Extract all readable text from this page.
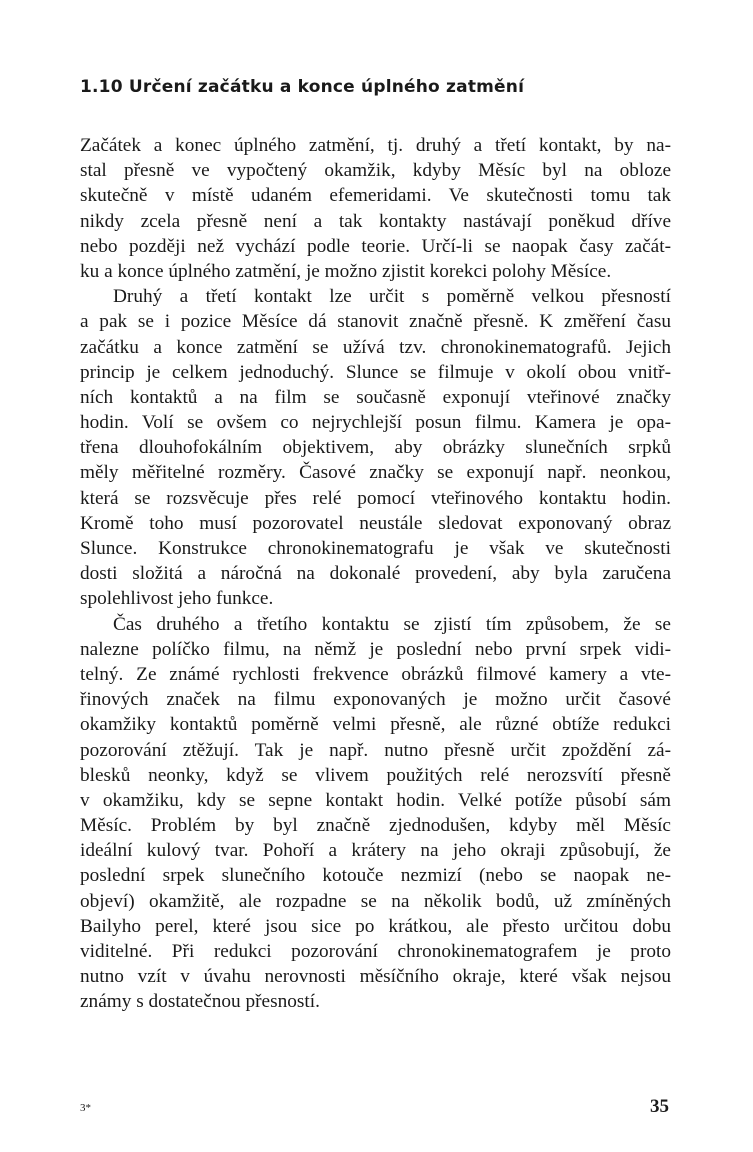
1.10 Určení začátku a konce úplného zatmění
Začátek a konec úplného zatmění, tj. druhý a třetí kontakt, by na-
stal přesně ve vypočtený okamžik, kdyby Měsíc byl na obloze
skutečně v místě udaném efemeridami. Ve skutečnosti tomu tak
nikdy zcela přesně není a tak kontakty nastávají poněkud dříve
nebo později než vychází podle teorie. Určí-li se naopak časy začát-
ku a konce úplného zatmění, je možno zjistit korekci polohy Měsíce.
Druhý a třetí kontakt lze určit s poměrně velkou přesností
a pak se i pozice Měsíce dá stanovit značně přesně. K změření času
začátku a konce zatmění se užívá tzv. chronokinematografů. Jejich
princip je celkem jednoduchý. Slunce se filmuje v okolí obou vnitř-
ních kontaktů a na film se současně exponují vteřinové značky
hodin. Volí se ovšem co nejrychlejší posun filmu. Kamera je opa-
třena dlouhofokálním objektivem, aby obrázky slunečních srpků
měly měřitelné rozměry. Časové značky se exponují např. neonkou,
která se rozsvěcuje přes relé pomocí vteřinového kontaktu hodin.
Kromě toho musí pozorovatel neustále sledovat exponovaný obraz
Slunce. Konstrukce chronokinematografu je však ve skutečnosti
dosti složitá a náročná na dokonalé provedení, aby byla zaručena
spolehlivost jeho funkce.
Čas druhého a třetího kontaktu se zjistí tím způsobem, že se
nalezne políčko filmu, na němž je poslední nebo první srpek vidi-
telný. Ze známé rychlosti frekvence obrázků filmové kamery a vte-
řinových značek na filmu exponovaných je možno určit časové
okamžiky kontaktů poměrně velmi přesně, ale různé obtíže redukci
pozorování ztěžují. Tak je např. nutno přesně určit zpoždění zá-
blesků neonky, když se vlivem použitých relé nerozsvítí přesně
v okamžiku, kdy se sepne kontakt hodin. Velké potíže působí sám
Měsíc. Problém by byl značně zjednodušen, kdyby měl Měsíc
ideální kulový tvar. Pohoří a krátery na jeho okraji způsobují, že
poslední srpek slunečního kotouče nezmizí (nebo se naopak ne-
objeví) okamžitě, ale rozpadne se na několik bodů, už zmíněných
Bailyho perel, které jsou sice po krátkou, ale přesto určitou dobu
viditelné. Při redukci pozorování chronokinematografem je proto
nutno vzít v úvahu nerovnosti měsíčního okraje, které však nejsou
známy s dostatečnou přesností.
3*	35
